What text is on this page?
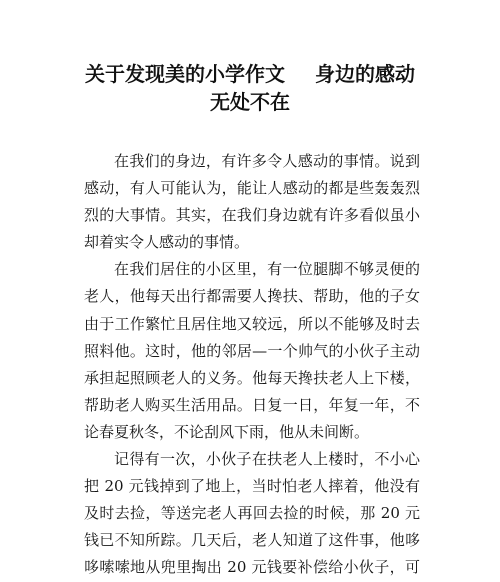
关于发现美的小学作文 身边的感动
无处不在
在我们的身边，有许多令人感动的事情。说到
感动，有人可能认为，能让人感动的都是些轰轰烈
烈的大事情。其实，在我们身边就有许多看似虽小
却着实令人感动的事情。
在我们居住的小区里，有一位腿脚不够灵便的
老人，他每天出行都需要人搀扶、帮助，他的子女
由于工作繁忙且居住地又较远，所以不能够及时去
照料他。这时，他的邻居—一个帅气的小伙子主动
承担起照顾老人的义务。他每天搀扶老人上下楼，
帮助老人购买生活用品。日复一日，年复一年，不
论春夏秋冬，不论刮风下雨，他从未间断。
记得有一次，小伙子在扶老人上楼时，不小心
把 20 元钱掉到了地上，当时怕老人摔着，他没有
及时去捡，等送完老人再回去捡的时候，那 20 元
钱已不知所踪。几天后，老人知道了这件事，他哆
哆嗦嗦地从兜里掏出 20 元钱要补偿给小伙子，可
